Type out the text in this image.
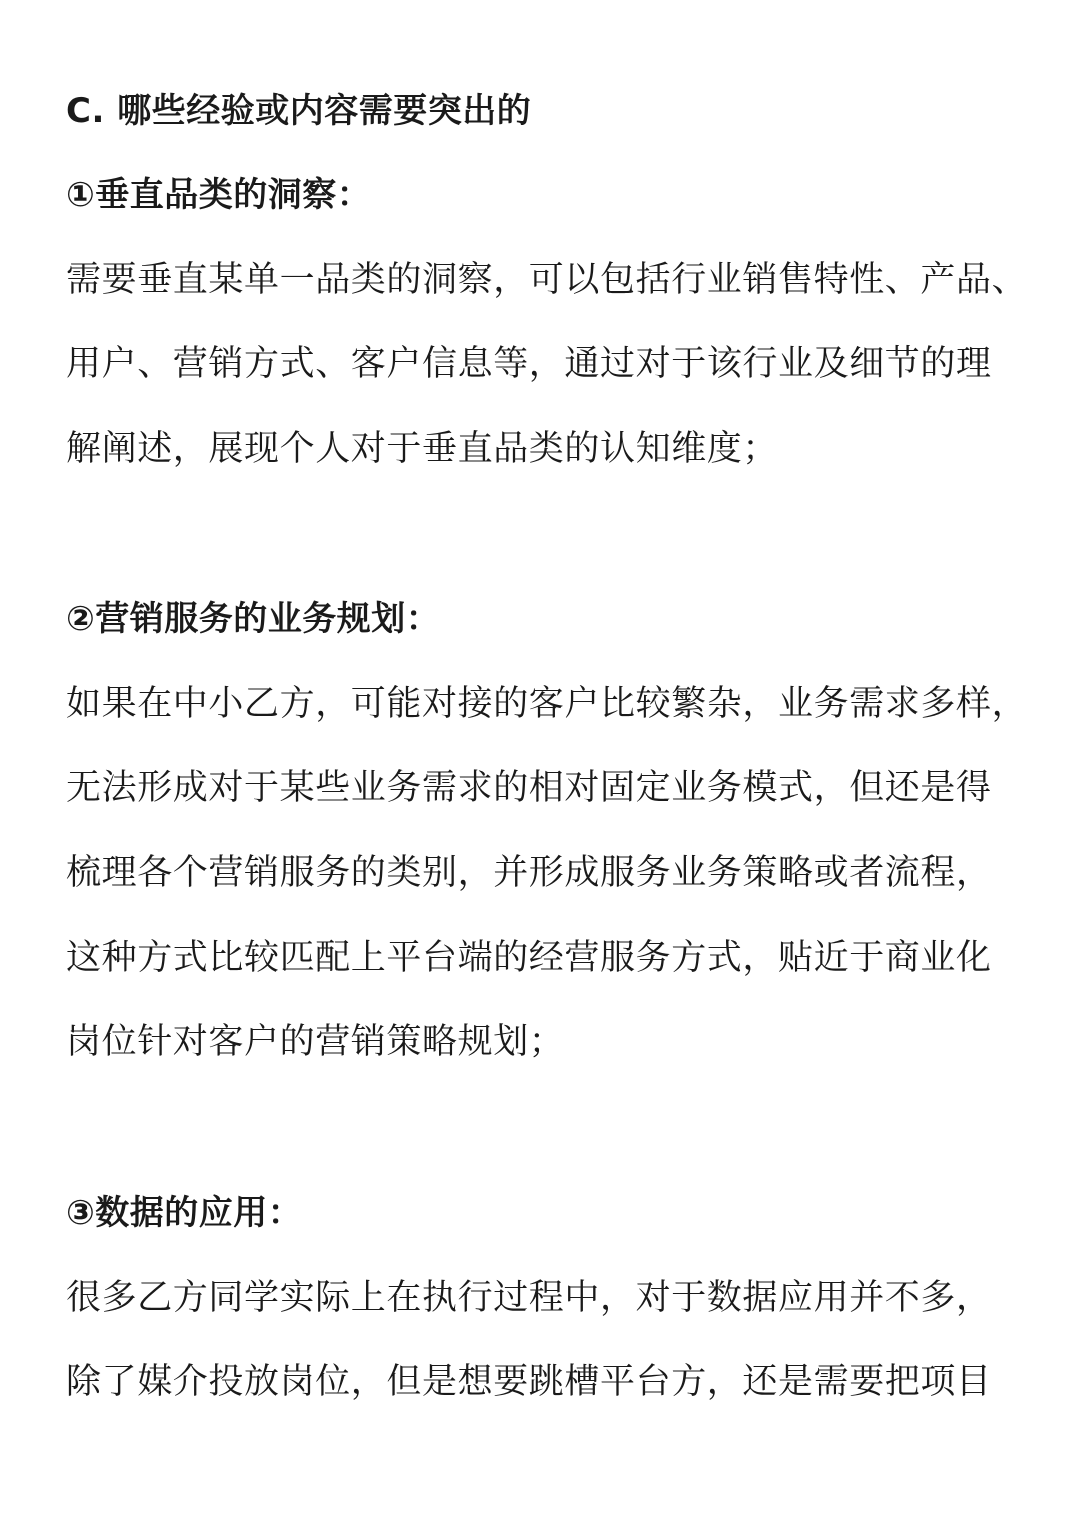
C. 哪些经验或内容需要突出的
①垂直品类的洞察：
需要垂直某单一品类的洞察，可以包括行业销售特性、产品、
用户、营销方式、客户信息等，通过对于该行业及细节的理
解阐述，展现个人对于垂直品类的认知维度；
②营销服务的业务规划：
如果在中小乙方，可能对接的客户比较繁杂，业务需求多样，
无法形成对于某些业务需求的相对固定业务模式，但还是得
梳理各个营销服务的类别，并形成服务业务策略或者流程，
这种方式比较匹配上平台端的经营服务方式，贴近于商业化
岗位针对客户的营销策略规划；
③数据的应用：
很多乙方同学实际上在执行过程中，对于数据应用并不多，
除了媒介投放岗位，但是想要跳槽平台方，还是需要把项目
